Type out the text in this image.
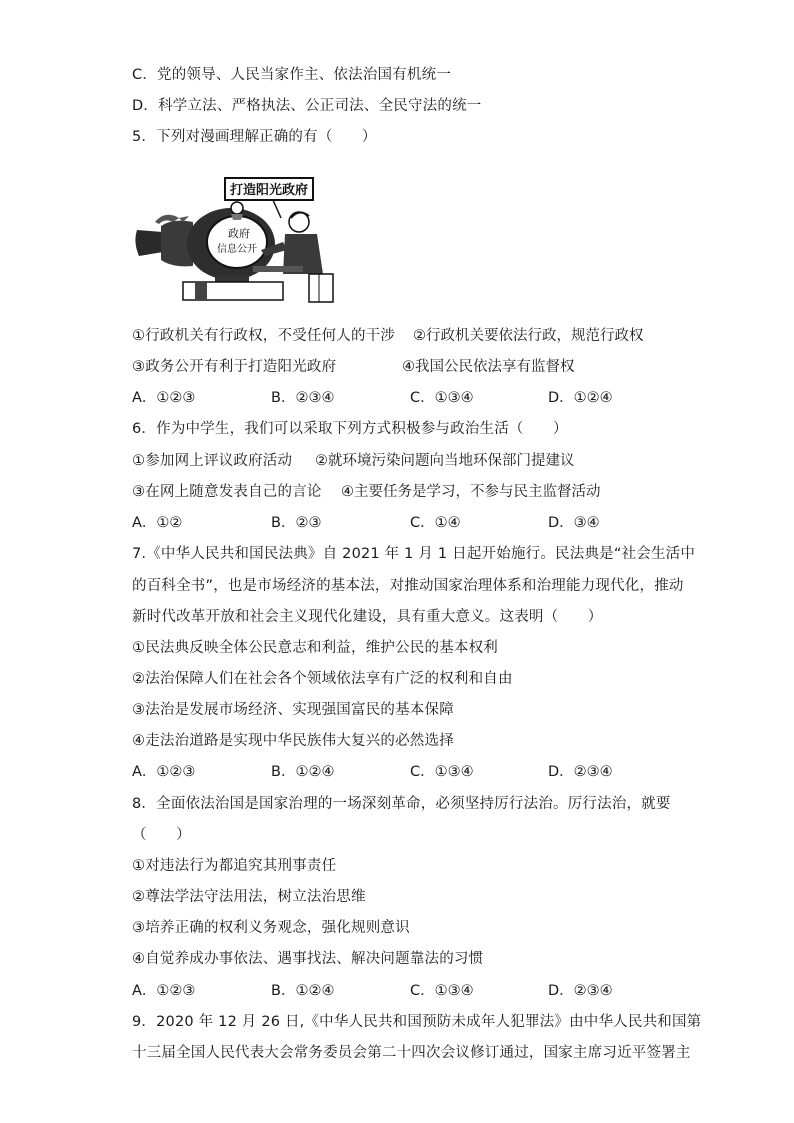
C．党的领导、人民当家作主、依法治国有机统一
D．科学立法、严格执法、公正司法、全民守法的统一
5．下列对漫画理解正确的有（　　）
打造阳光政府
政府
信息公开
①行政机关有行政权，不受任何人的干涉 ②行政机关要依法行政，规范行政权
③政务公开有利于打造阳光政府	④我国公民依法享有监督权
A．①②③	B．②③④	C．①③④	D．①②④
6．作为中学生，我们可以采取下列方式积极参与政治生活（　　）
①参加网上评议政府活动 ②就环境污染问题向当地环保部门提建议
③在网上随意发表自己的言论 ④主要任务是学习，不参与民主监督活动
A．①②	B．②③	C．①④	D．③④
7.《中华人民共和国民法典》自 2021 年 1 月 1 日起开始施行。民法典是“社会生活中
的百科全书”，也是市场经济的基本法，对推动国家治理体系和治理能力现代化，推动
新时代改革开放和社会主义现代化建设，具有重大意义。这表明（　　）
①民法典反映全体公民意志和利益，维护公民的基本权利
②法治保障人们在社会各个领域依法享有广泛的权利和自由
③法治是发展市场经济、实现强国富民的基本保障
④走法治道路是实现中华民族伟大复兴的必然选择
A．①②③	B．①②④	C．①③④	D．②③④
8．全面依法治国是国家治理的一场深刻革命，必须坚持厉行法治。厉行法治，就要
（　　）
①对违法行为都追究其刑事责任
②尊法学法守法用法，树立法治思维
③培养正确的权利义务观念，强化规则意识
④自觉养成办事依法、遇事找法、解决问题靠法的习惯
A．①②③	B．①②④	C．①③④	D．②③④
9．2020 年 12 月 26 日,《中华人民共和国预防未成年人犯罪法》由中华人民共和国第
十三届全国人民代表大会常务委员会第二十四次会议修订通过，国家主席习近平签署主
